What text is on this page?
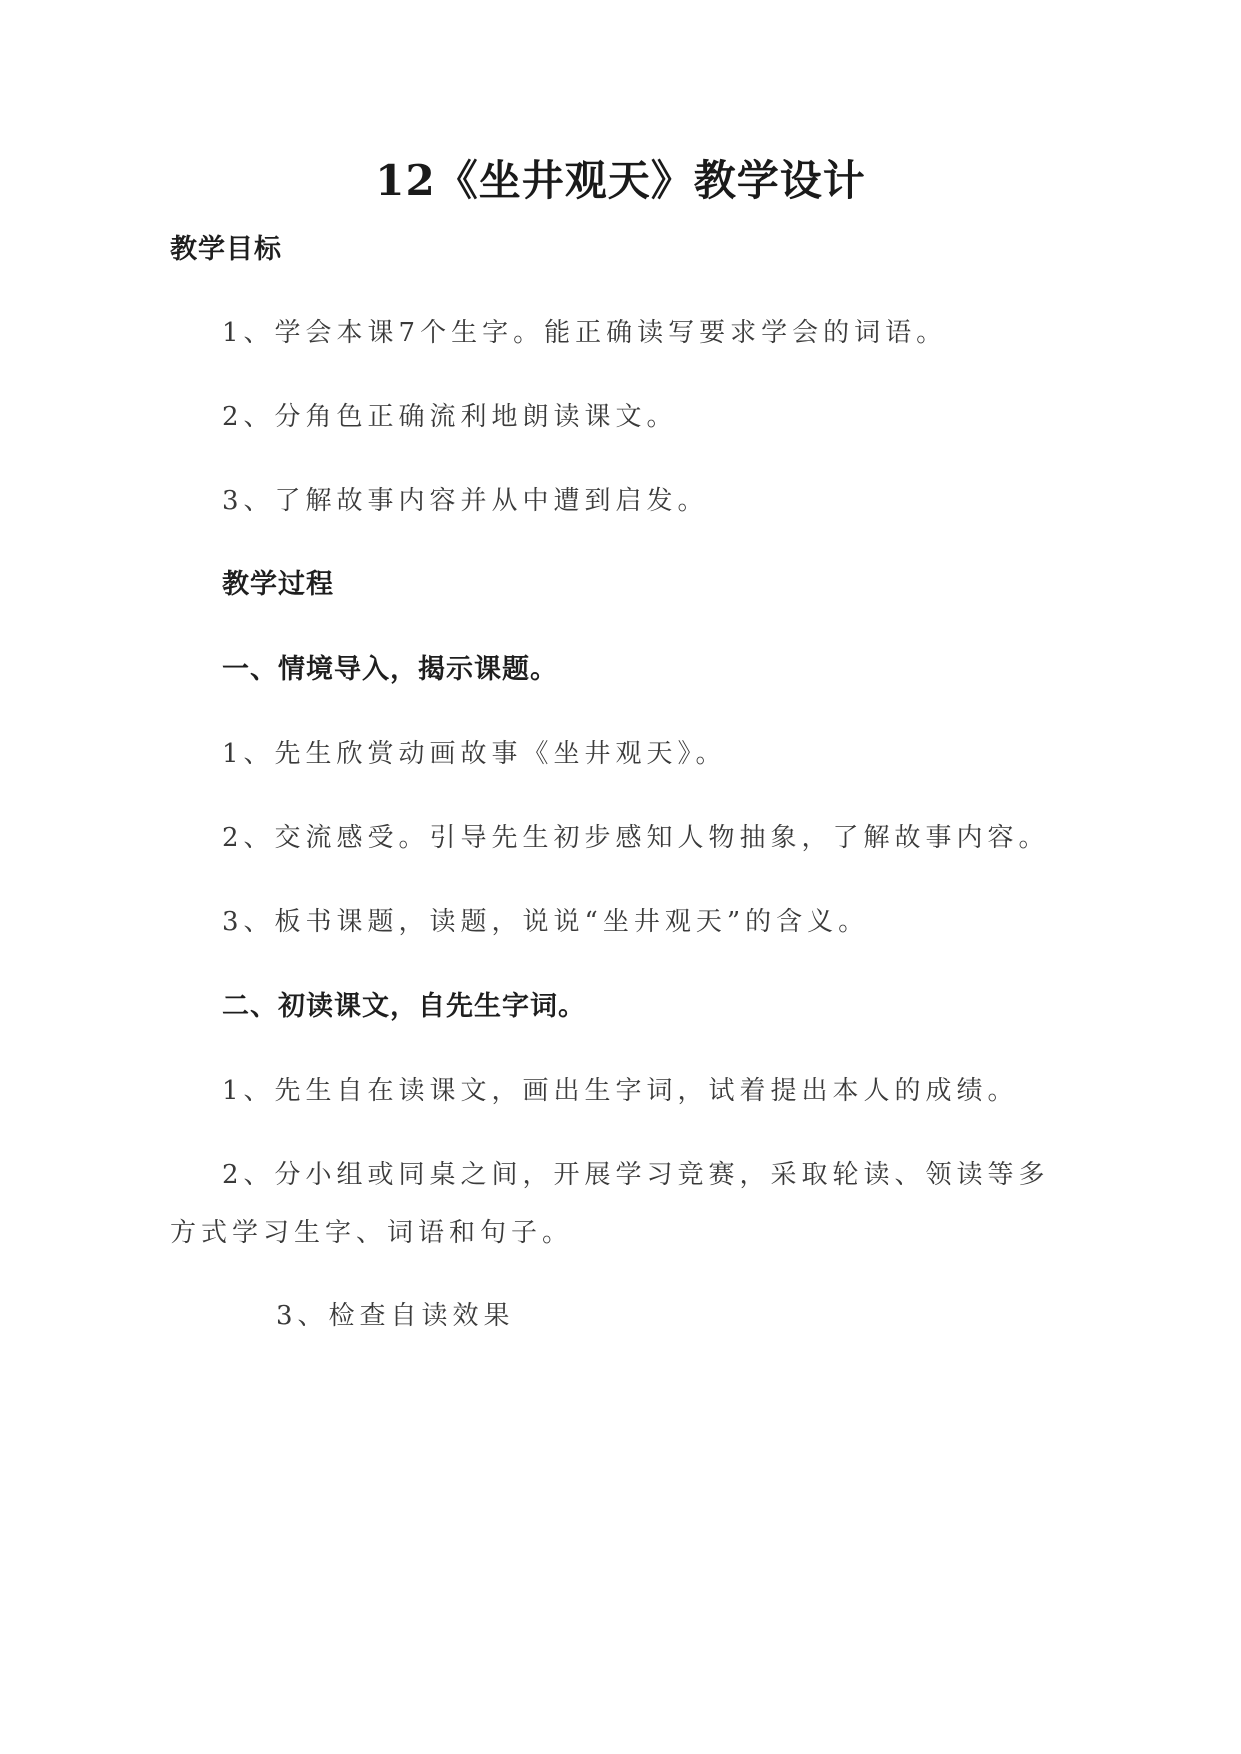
12《坐井观天》教学设计
教学目标
1、学会本课7个生字。能正确读写要求学会的词语。
2、分角色正确流利地朗读课文。
3、了解故事内容并从中遭到启发。
教学过程
一、情境导入，揭示课题。
1、先生欣赏动画故事《坐井观天》。
2、交流感受。引导先生初步感知人物抽象，了解故事内容。
3、板书课题，读题，说说“坐井观天”的含义。
二、初读课文，自先生字词。
1、先生自在读课文，画出生字词，试着提出本人的成绩。
2、分小组或同桌之间，开展学习竞赛，采取轮读、领读等多
方式学习生字、词语和句子。
3、检查自读效果
